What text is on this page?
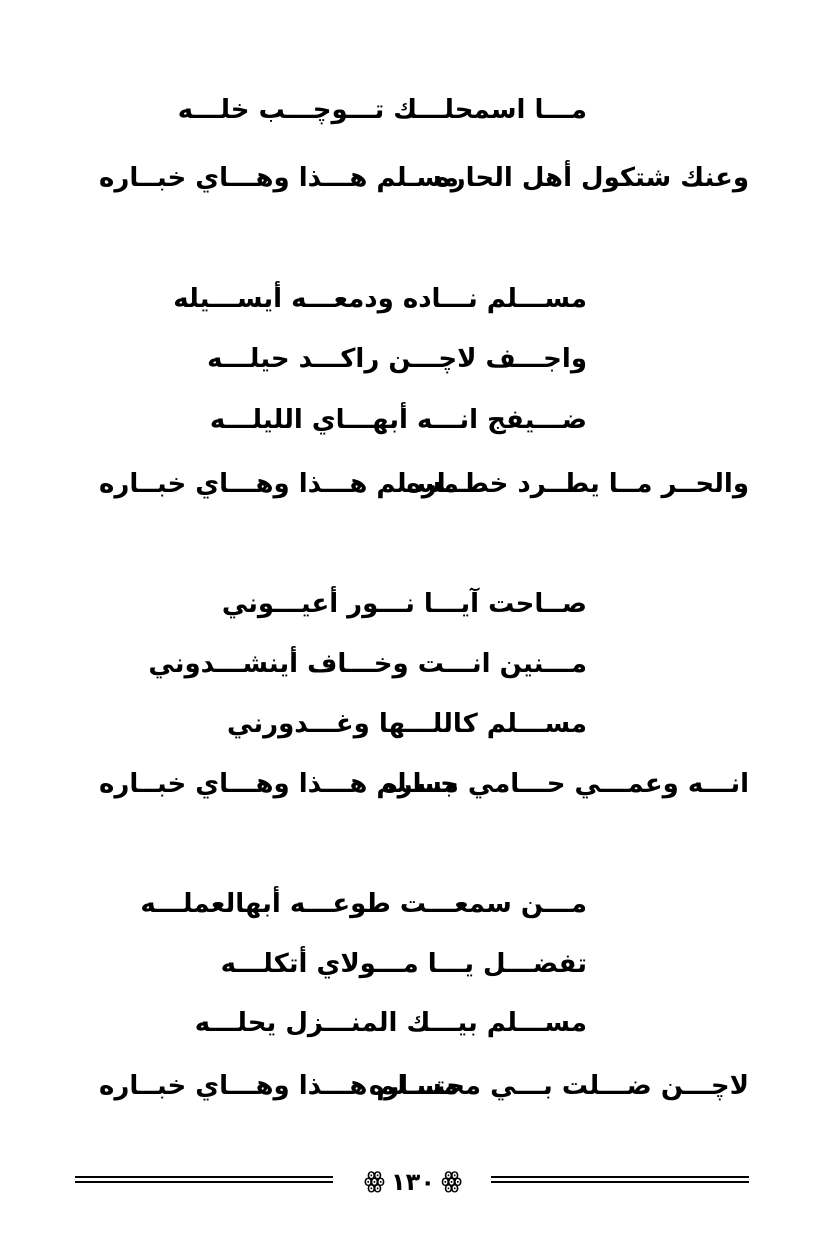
مـــا اسمحلـــك تـــوچـــب خلـــه
وعنك شتكول أهل الحاره
مسـلم هـــذا وهـــاي خبــاره
مســـلم نـــاده ودمعـــه أيســـيله
واجـــف لاچـــن راكـــد حيلـــه
ضـــيفج انـــه أبهـــاي الليلـــه
والحــر مــا يطــرد خطــاره
مسـلم هـــذا وهـــاي خبــاره
صــاحت آيـــا نـــور أعيـــوني
مـــنين انـــت وخـــاف أينشـــدوني
مســـلم كاللـــها وغـــدورني
انـــه وعمـــي حـــامي جــاره
مسـلم هـــذا وهـــاي خبــاره
مـــن سمعـــت طوعـــه أبهالعملـــه
تفضـــل يـــا مـــولاي أتكلـــه
مســـلم بيـــك المنـــزل يحلـــه
لاچـــن ضـــلت بـــي محتـــاره
مسـلم هـــذا وهـــاي خبــاره
ꙮ ١٣٠ ꙮ
